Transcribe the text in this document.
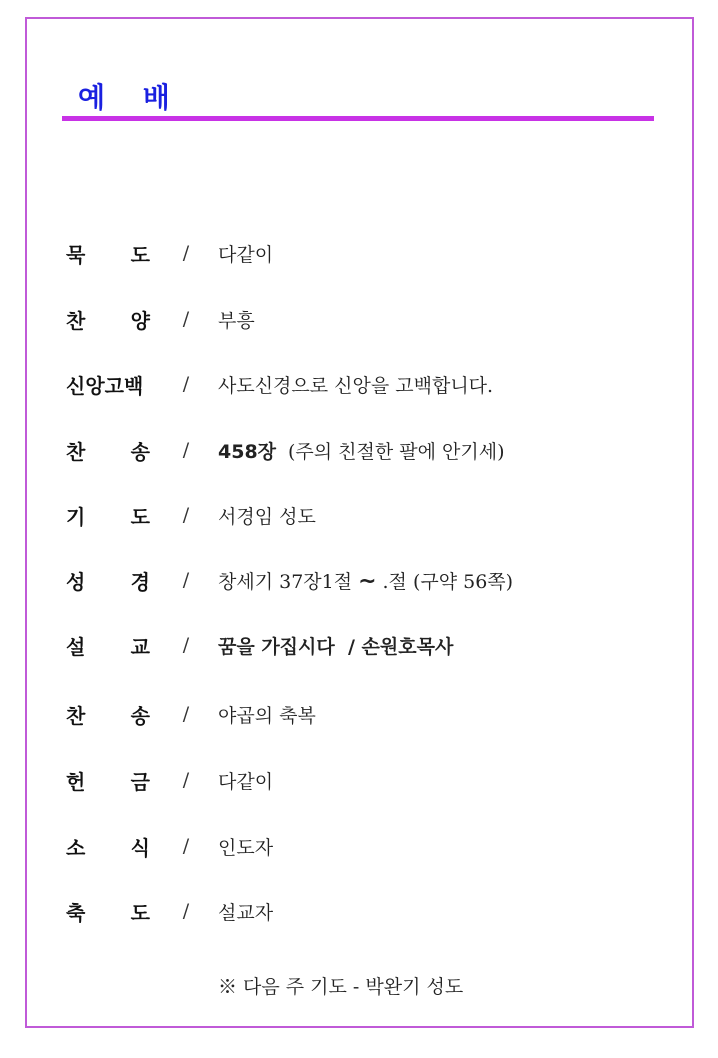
예 배
묵 도	/	다같이
찬 양	/	부흥
신앙고백	/	사도신경으로 신앙을 고백합니다.
찬 송	/	458장 (주의 친절한 팔에 안기세)
기 도	/	서경임 성도
성 경	/	창세기 37장1절 ~ .절 (구약 56쪽)
설 교	/	꿈을 가집시다  / 손원호목사
찬 송	/	야곱의 축복
헌 금	/	다같이
소 식	/	인도자
축 도	/	설교자
※ 다음 주 기도 - 박완기 성도
